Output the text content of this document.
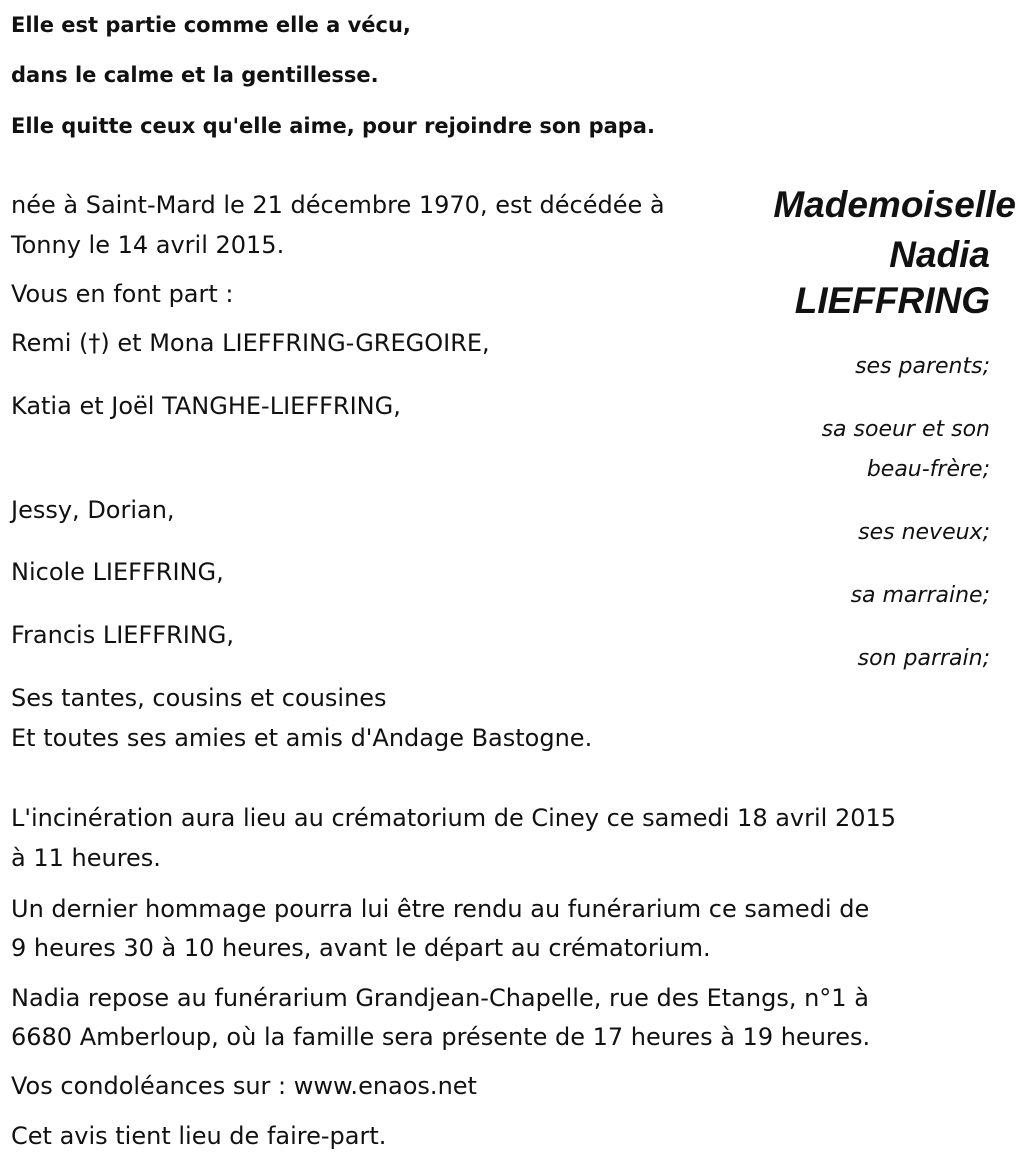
Elle est partie comme elle a vécu,
dans le calme et la gentillesse.
Elle quitte ceux qu'elle aime, pour rejoindre son papa.
Mademoiselle
Nadia
LIEFFRING
née à Saint-Mard le 21 décembre 1970, est décédée à
Tonny le 14 avril 2015.
Vous en font part :
Remi (†) et Mona LIEFFRING-GREGOIRE,
ses parents;
Katia et Joël TANGHE-LIEFFRING,
sa soeur et son
beau-frère;
Jessy, Dorian,
ses neveux;
Nicole LIEFFRING,
sa marraine;
Francis LIEFFRING,
son parrain;
Ses tantes, cousins et cousines
Et toutes ses amies et amis d'Andage Bastogne.
L'incinération aura lieu au crématorium de Ciney ce samedi 18 avril 2015
à 11 heures.
Un dernier hommage pourra lui être rendu au funérarium ce samedi de
9 heures 30 à 10 heures, avant le départ au crématorium.
Nadia repose au funérarium Grandjean-Chapelle, rue des Etangs, n°1 à
6680 Amberloup, où la famille sera présente de 17 heures à 19 heures.
Vos condoléances sur : www.enaos.net
Cet avis tient lieu de faire-part.
